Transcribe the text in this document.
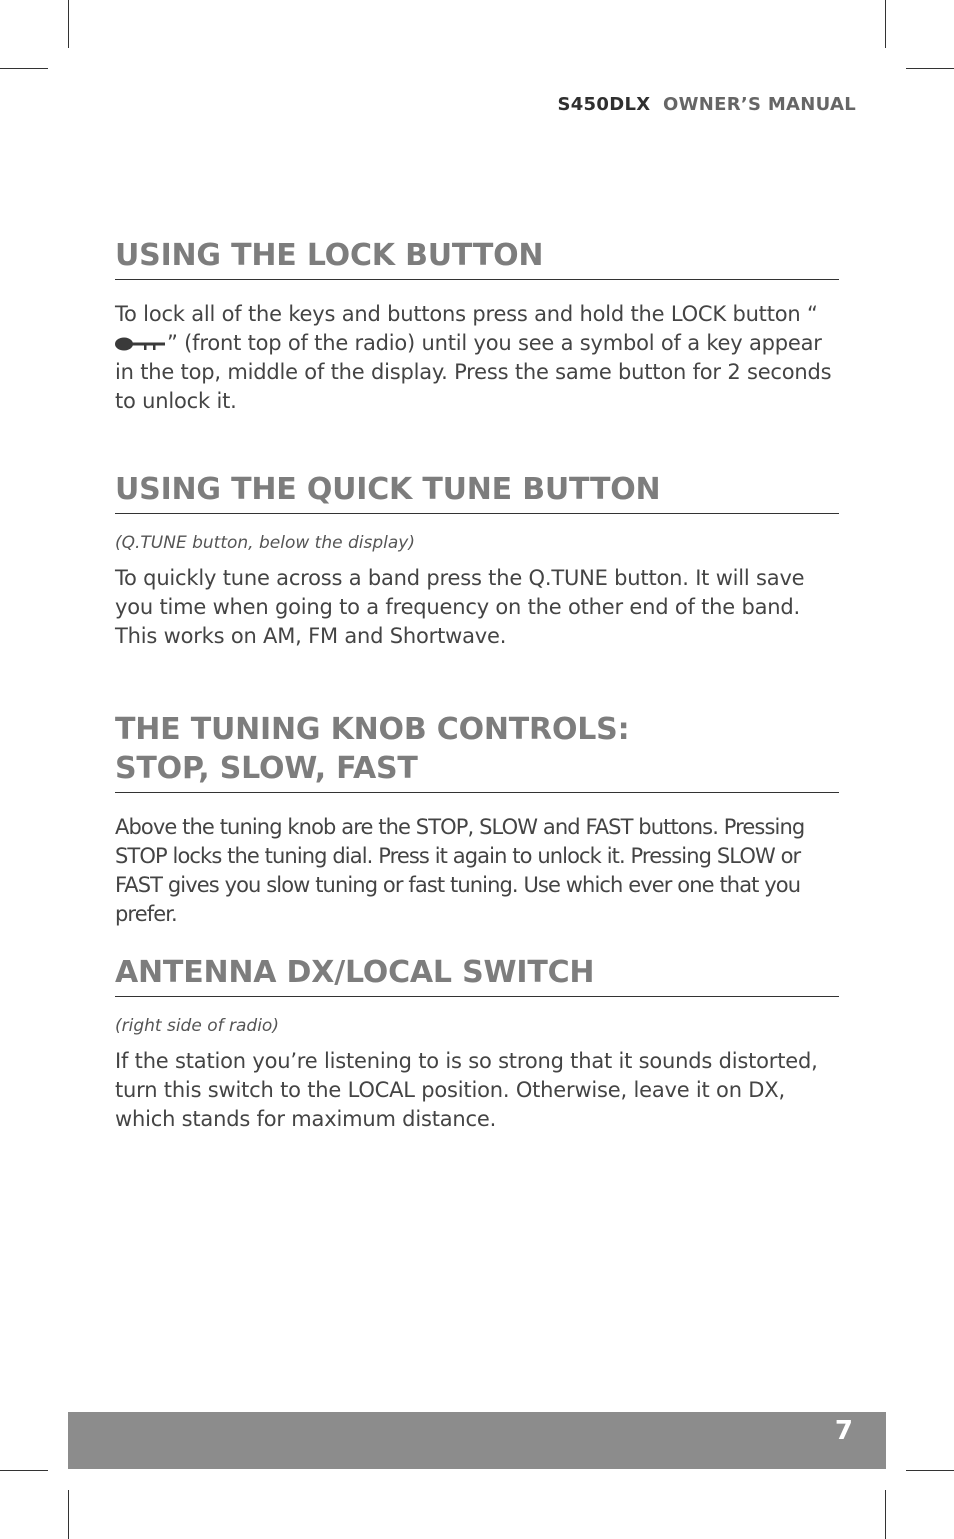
S450DLX OWNER’S MANUAL
USING THE LOCK BUTTON

To lock all of the keys and buttons press and hold the LOCK button “” (front top of the radio) until you see a symbol of a key appear in the top, middle of the display. Press the same button for 2 seconds to unlock it.

USING THE QUICK TUNE BUTTON

(Q.TUNE button, below the display)

To quickly tune across a band press the Q.TUNE button. It will save you time when going to a frequency on the other end of the band. This works on AM, FM and Shortwave.

THE TUNING KNOB CONTROLS:
STOP, SLOW, FAST

Above the tuning knob are the STOP, SLOW and FAST buttons. Pressing STOP locks the tuning dial. Press it again to unlock it. Pressing SLOW or FAST gives you slow tuning or fast tuning. Use which ever one that you prefer.

ANTENNA DX/LOCAL SWITCH

(right side of radio)

If the station you’re listening to is so strong that it sounds distorted, turn this switch to the LOCAL position. Otherwise, leave it on DX, which stands for maximum distance.

7
